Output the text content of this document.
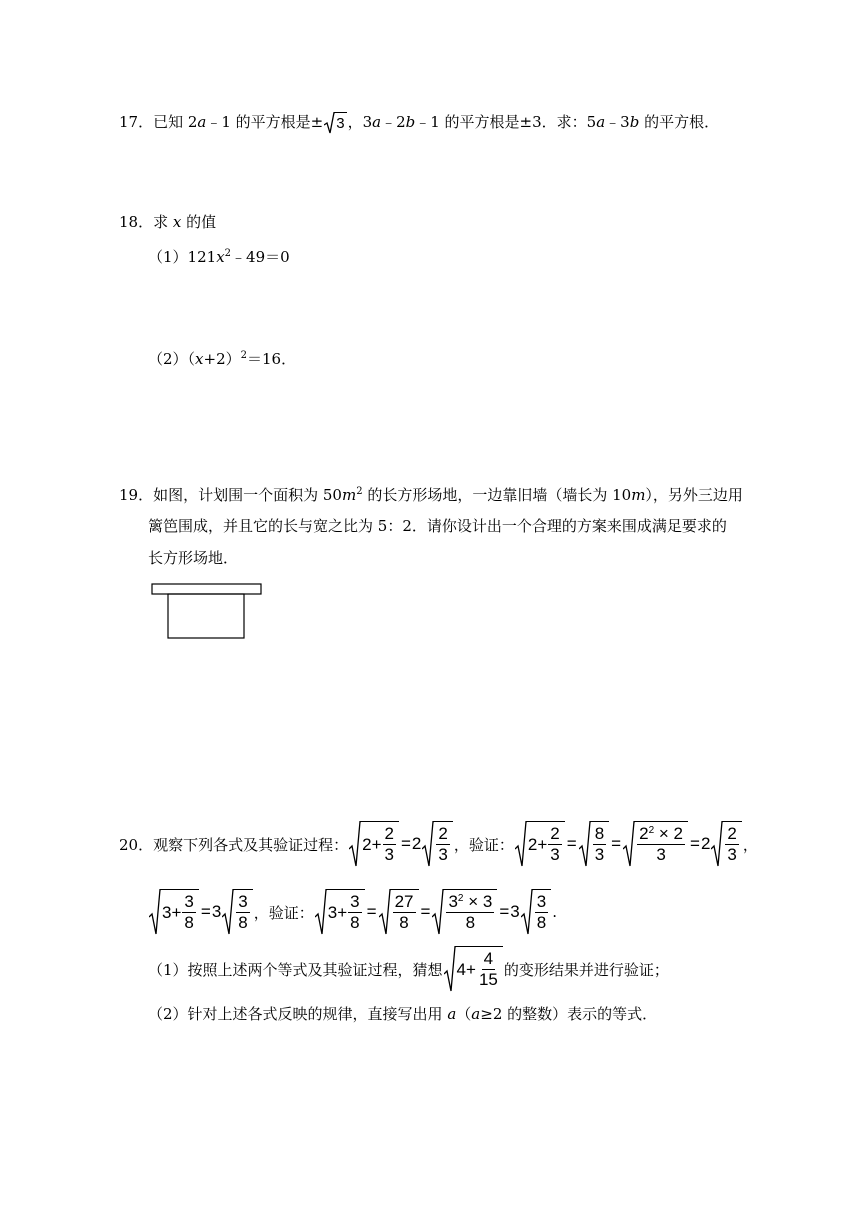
17．已知 2a﹣1 的平方根是± 3 ，3a﹣2b﹣1 的平方根是±3．求：5a﹣3b 的平方根．
18．求 x 的值
$(1)121x^2﹣49=0$
$(2)(x+2)^2=16$．
19．如图，计划围一个面积为 $50m^2$ 的长方形场地，一边靠旧墙（墙长为 10m），另外三边用
篱笆围成，并且它的长与宽之比为 5：2．请你设计出一个合理的方案来围成满足要求的
长方形场地．
20． 观察下列各式及其验证过程： $2 + \frac{2}{3} = 2 \frac{2}{3}$ ，验证： $2 + \frac{2}{3} = \frac{8}{3} = \frac{2^2 \times 2}{3} = 2 \frac{2}{3}$ ，
$3 + \frac{3}{8} = 3 \frac{3}{8}$ ，验证： $3 + \frac{3}{8} = \frac{27}{8} = \frac{3^2 \times 3}{8} = 3 \frac{3}{8}$ .
（1）按照上述两个等式及其验证过程，猜想 $4 + \frac{4}{15}$ 的变形结果并进行验证；
（2）针对上述各式反映的规律，直接写出用 a（a≥2 的整数）表示的等式．
